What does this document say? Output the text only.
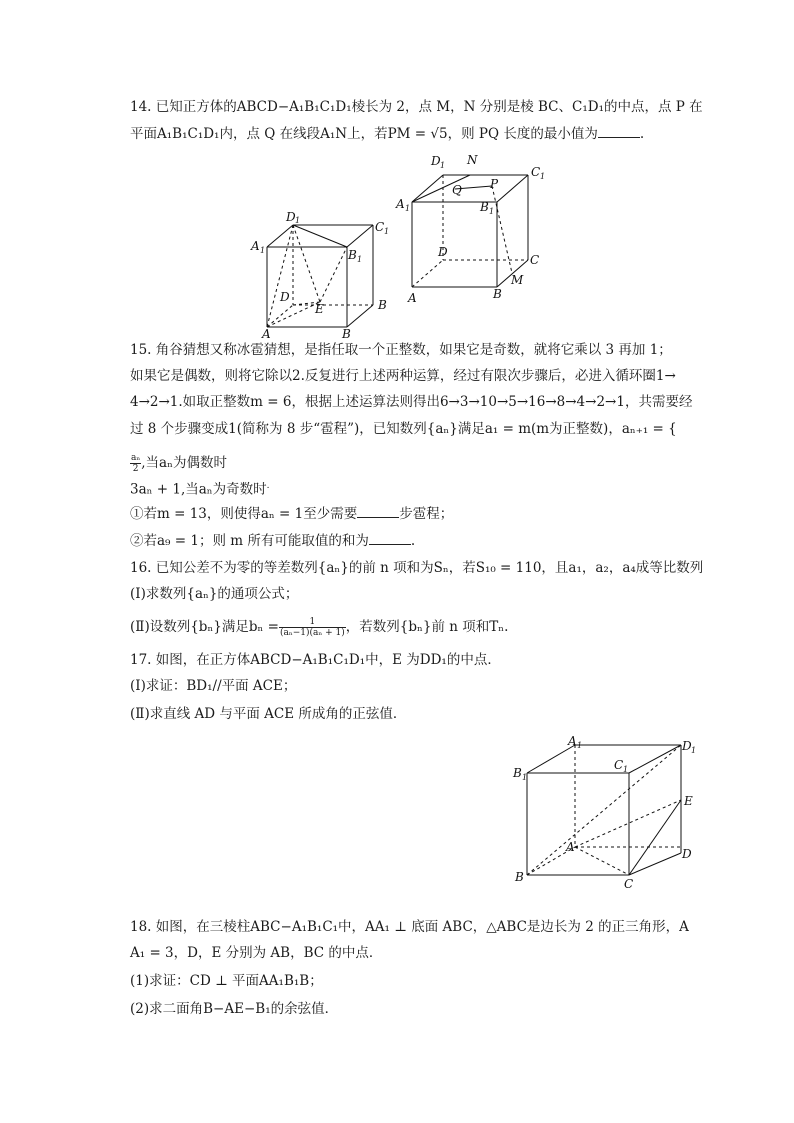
14. 已知正方体的ABCD−A₁B₁C₁D₁棱长为 2，点 M，N 分别是棱 BC、C₁D₁的中点，点 P 在
平面A₁B₁C₁D₁内，点 Q 在线段A₁N上，若PM = √5，则 PQ 长度的最小值为	.
D 1	C 1
A 1	B 1
B
E
D
A	B
D 1 N
C 1
A 1
Q P
B 1
D
C
M
A	B
15. 角谷猜想又称冰雹猜想，是指任取一个正整数，如果它是奇数，就将它乘以 3 再加 1；
如果它是偶数，则将它除以2.反复进行上述两种运算，经过有限次步骤后，必进入循环圈1→
4→2→1.如取正整数m = 6，根据上述运算法则得出6→3→10→5→16→8→4→2→1，共需要经
过 8 个步骤变成1(简称为 8 步“雹程”)，已知数列{aₙ}满足a₁ = m(m为正整数)，aₙ₊₁ = {
$\frac{\text{aₙ}}{2}$ ,当aₙ为偶数时
3aₙ + 1,当aₙ为奇数时.
①若m = 13，则使得aₙ = 1至少需要	步雹程；
②若a₉ = 1；则 m 所有可能取值的和为	.
16. 已知公差不为零的等差数列{aₙ}的前 n 项和为Sₙ，若S₁₀ = 110，且a₁，a₂，a₄成等比数列
(Ⅰ)求数列{aₙ}的通项公式；
(Ⅱ)设数列{bₙ}满足$b_n = \frac{1}{\text{(aₙ−1)(aₙ + 1)}}$ ，若数列{bₙ}前 n 项和Tₙ.
17. 如图，在正方体ABCD−A₁B₁C₁D₁中，E 为DD₁的中点．
(Ⅰ)求证：BD₁//平面 ACE；
(Ⅱ)求直线 AD 与平面 ACE 所成角的正弦值．
A 1	D 1
B 1
C 1
E
A	D
B	C
18. 如图，在三棱柱ABC−A₁B₁C₁中，AA₁ ⊥ 底面 ABC，△ABC是边长为 2 的正三角形，A
A₁ = 3，D，E 分别为 AB，BC 的中点．
(1)求证：CD ⊥ 平面AA₁B₁B；
(2)求二面角B−AE−B₁的余弦值．
